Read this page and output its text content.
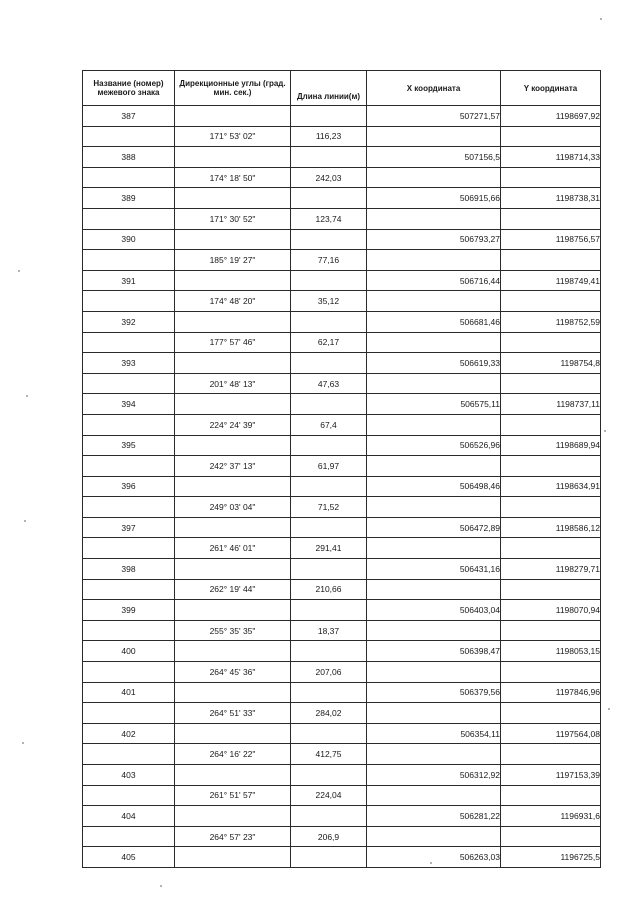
Название (номер) межевого знака	Дирекционные углы (град. мин. сек.)	Длина линии(м)	X координата	Y координата
387			507271,57	1198697,92
	171° 53' 02"	116,23		
388			507156,5	1198714,33
	174° 18' 50"	242,03		
389			506915,66	1198738,31
	171° 30' 52"	123,74		
390			506793,27	1198756,57
	185° 19' 27"	77,16		
391			506716,44	1198749,41
	174° 48' 20"	35,12		
392			506681,46	1198752,59
	177° 57' 46"	62,17		
393			506619,33	1198754,8
	201° 48' 13"	47,63		
394			506575,11	1198737,11
	224° 24' 39"	67,4		
395			506526,96	1198689,94
	242° 37' 13"	61,97		
396			506498,46	1198634,91
	249° 03' 04"	71,52		
397			506472,89	1198586,12
	261° 46' 01"	291,41		
398			506431,16	1198279,71
	262° 19' 44"	210,66		
399			506403,04	1198070,94
	255° 35' 35"	18,37		
400			506398,47	1198053,15
	264° 45' 36"	207,06		
401			506379,56	1197846,96
	264° 51' 33"	284,02		
402			506354,11	1197564,08
	264° 16' 22"	412,75		
403			506312,92	1197153,39
	261° 51' 57"	224,04		
404			506281,22	1196931,6
	264° 57' 23"	206,9		
405			506263,03	1196725,5
